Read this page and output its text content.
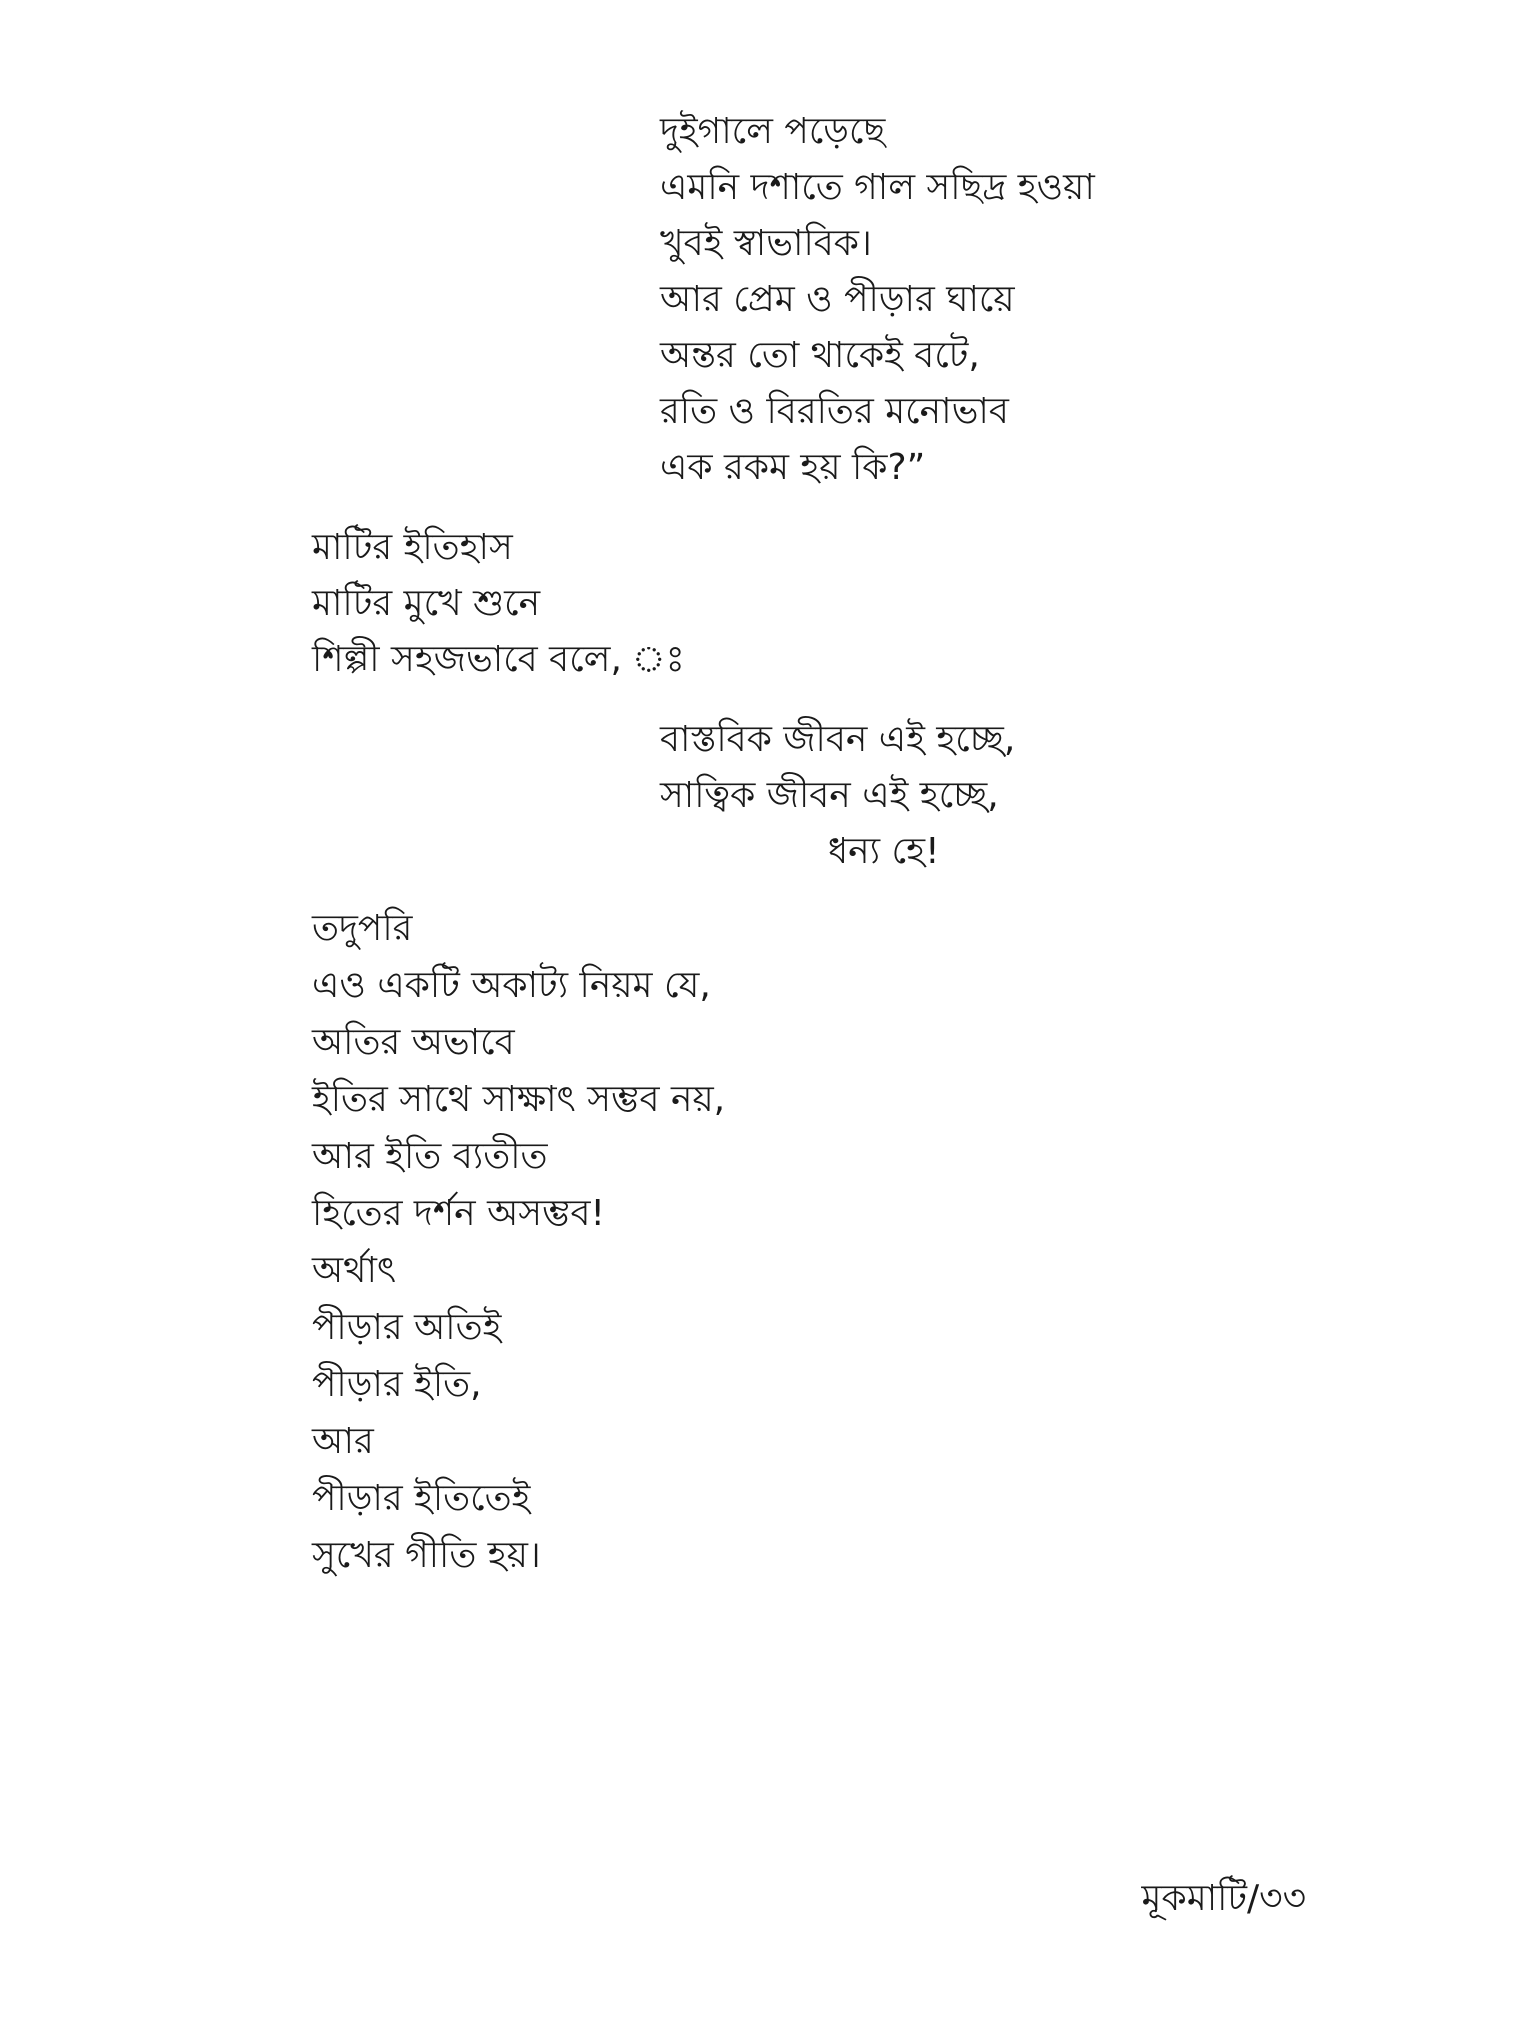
দুইগালে পড়েছে
এমনি দশাতে গাল সছিদ্র হওয়া
খুবই স্বাভাবিক।
আর প্রেম ও পীড়ার ঘায়ে
অন্তর তো থাকেই বটে,
রতি ও বিরতির মনোভাব
এক রকম হয় কি?”
মাটির ইতিহাস
মাটির মুখে শুনে
শিল্পী সহজভাবে বলে, ঃ
বাস্তবিক জীবন এই হচ্ছে,
সাত্বিক জীবন এই হচ্ছে,
ধন্য হে!
তদুপরি
এও একটি অকাট্য নিয়ম যে,
অতির অভাবে
ইতির সাথে সাক্ষাৎ সম্ভব নয়,
আর ইতি ব্যতীত
হিতের দর্শন অসম্ভব!
অর্থাৎ
পীড়ার অতিই
পীড়ার ইতি,
আর
পীড়ার ইতিতেই
সুখের গীতি হয়।
মূকমাটি/৩৩
